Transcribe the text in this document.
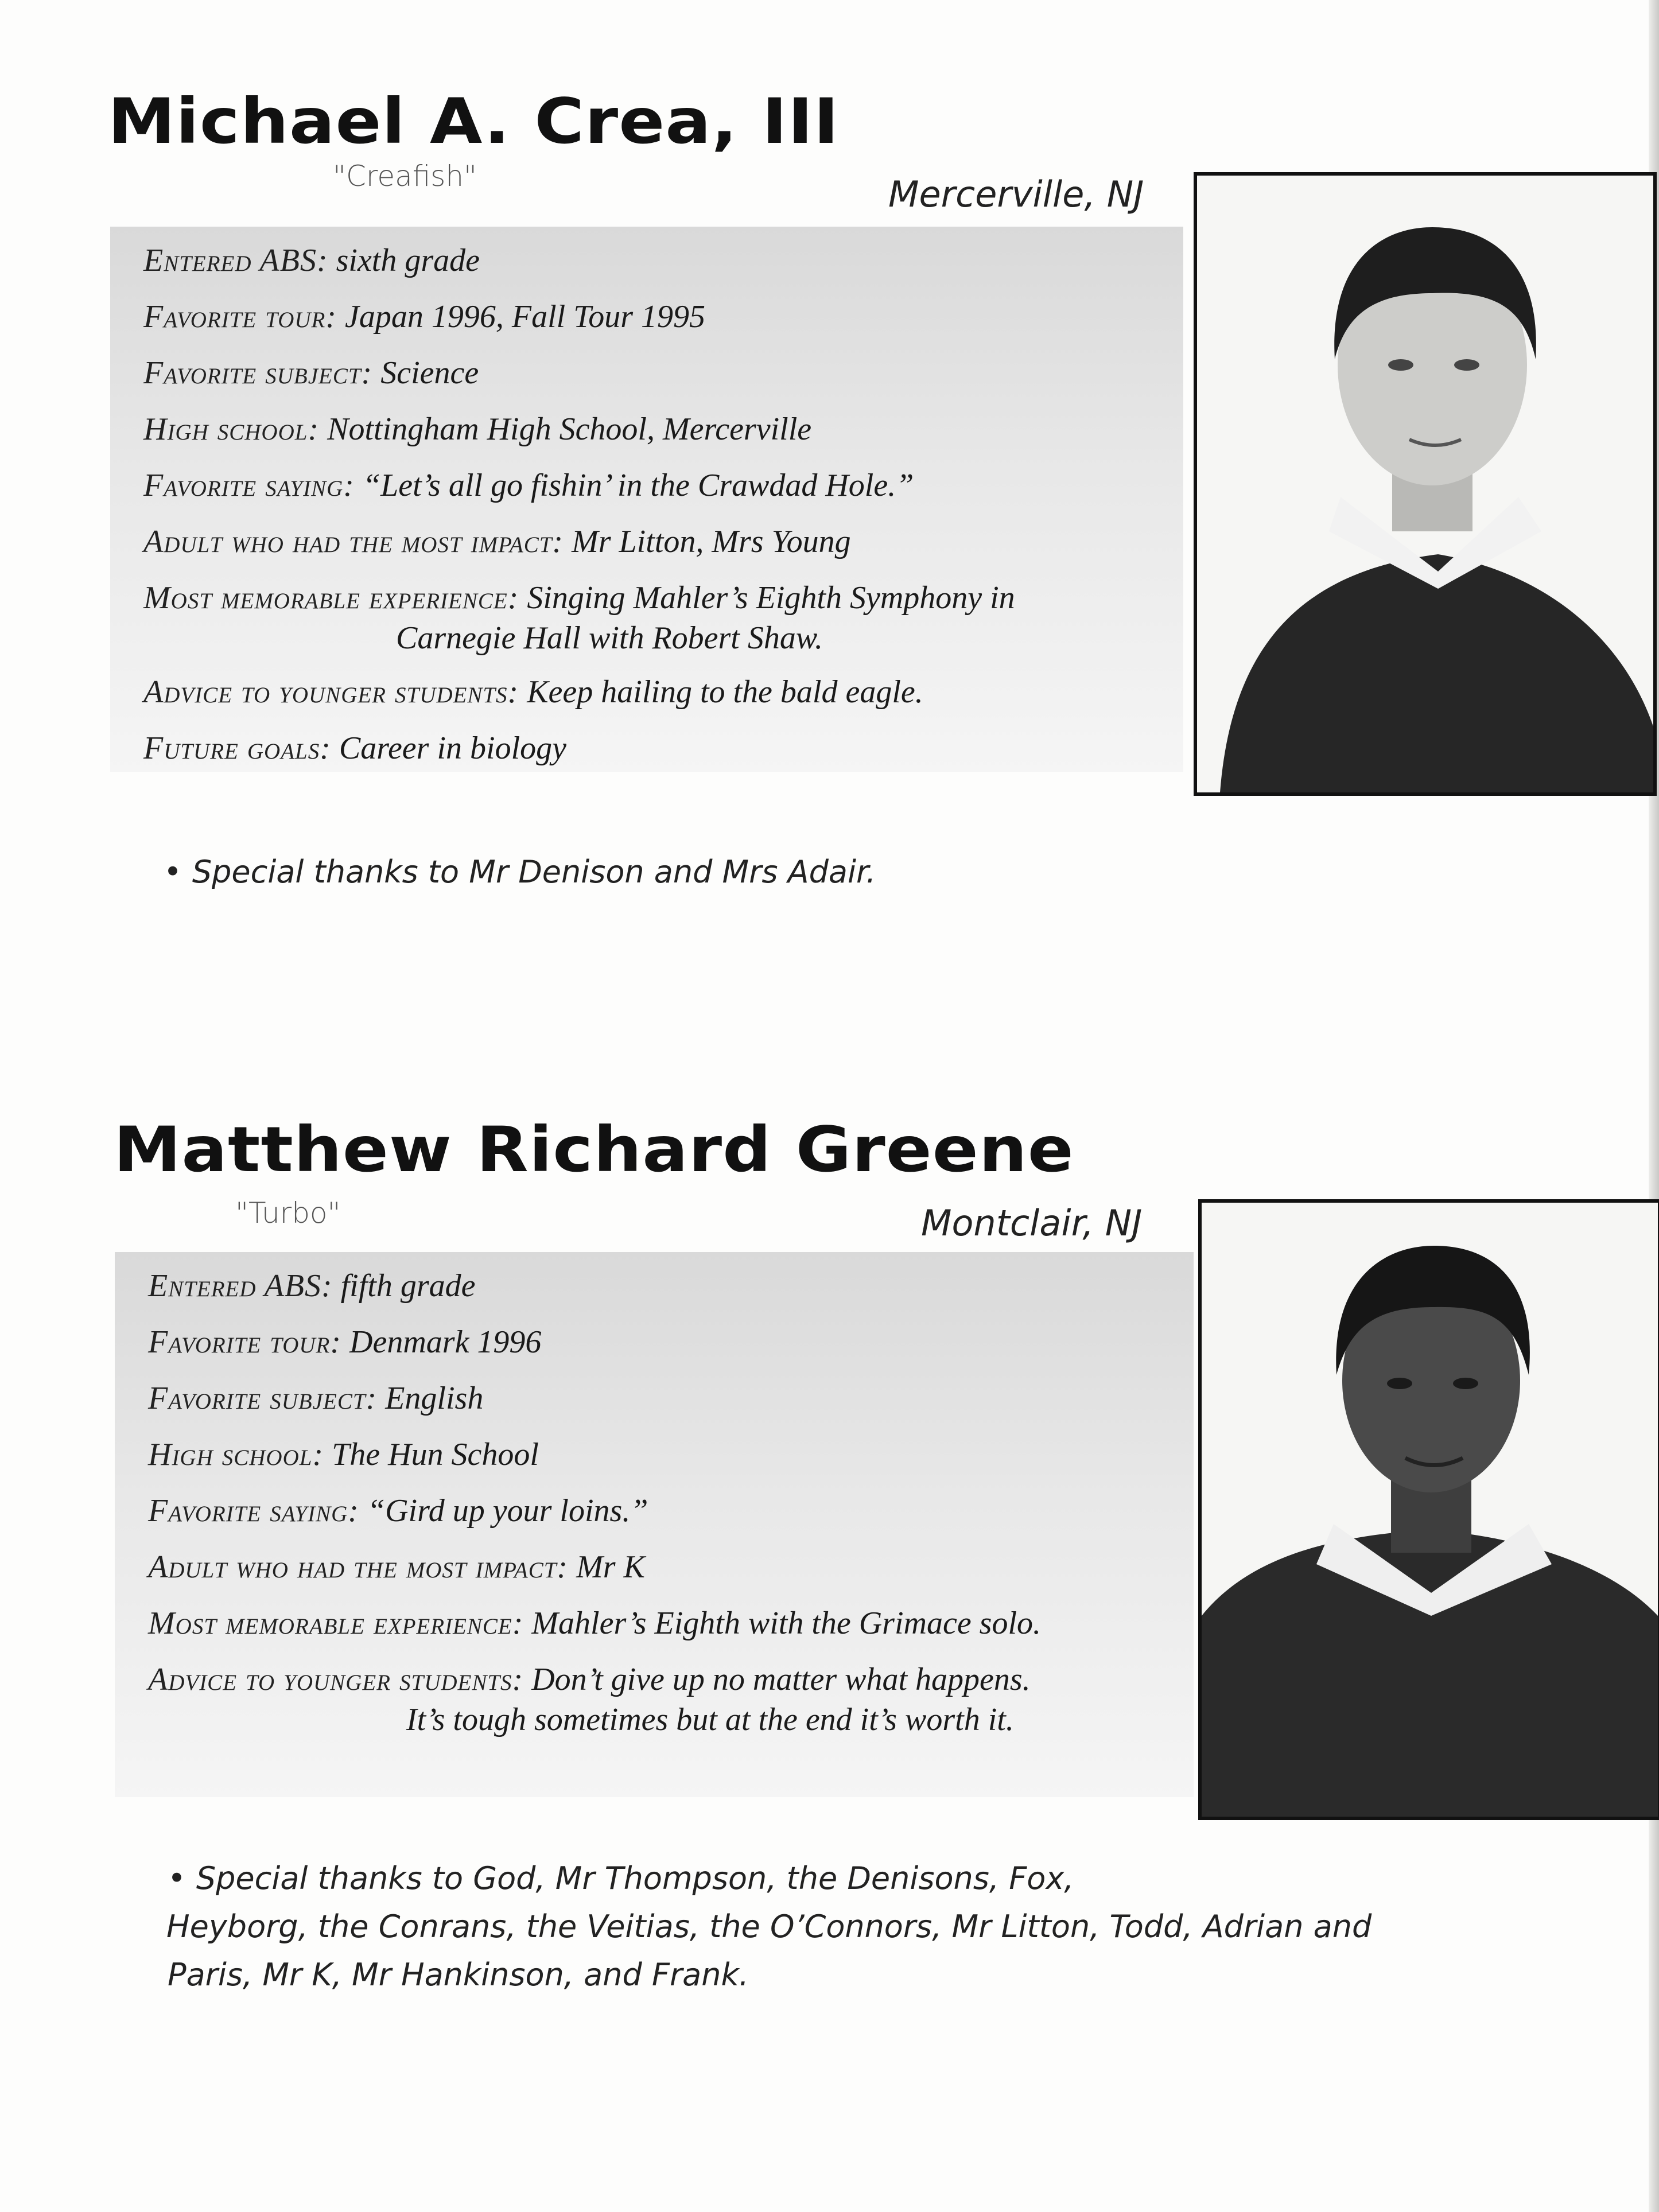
Michael A. Crea, III
"Creafish"	Mercerville, NJ
Entered ABS: sixth grade
Favorite tour: Japan 1996, Fall Tour 1995
Favorite subject: Science
High school: Nottingham High School, Mercerville
Favorite saying: “Let’s all go fishin’ in the Crawdad Hole.”
Adult who had the most impact: Mr Litton, Mrs Young
Most memorable experience: Singing Mahler’s Eighth Symphony in
Carnegie Hall with Robert Shaw.
Advice to younger students: Keep hailing to the bald eagle.
Future goals: Career in biology
• Special thanks to Mr Denison and Mrs Adair.
Matthew Richard Greene
"Turbo"	Montclair, NJ
Entered ABS: fifth grade
Favorite tour: Denmark 1996
Favorite subject: English
High school: The Hun School
Favorite saying: “Gird up your loins.”
Adult who had the most impact: Mr K
Most memorable experience: Mahler’s Eighth with the Grimace solo.
Advice to younger students: Don’t give up no matter what happens.
It’s tough sometimes but at the end it’s worth it.
• Special thanks to God, Mr Thompson, the Denisons, Fox,
Heyborg, the Conrans, the Veitias, the O’Connors, Mr Litton, Todd, Adrian and
Paris, Mr K, Mr Hankinson, and Frank.
